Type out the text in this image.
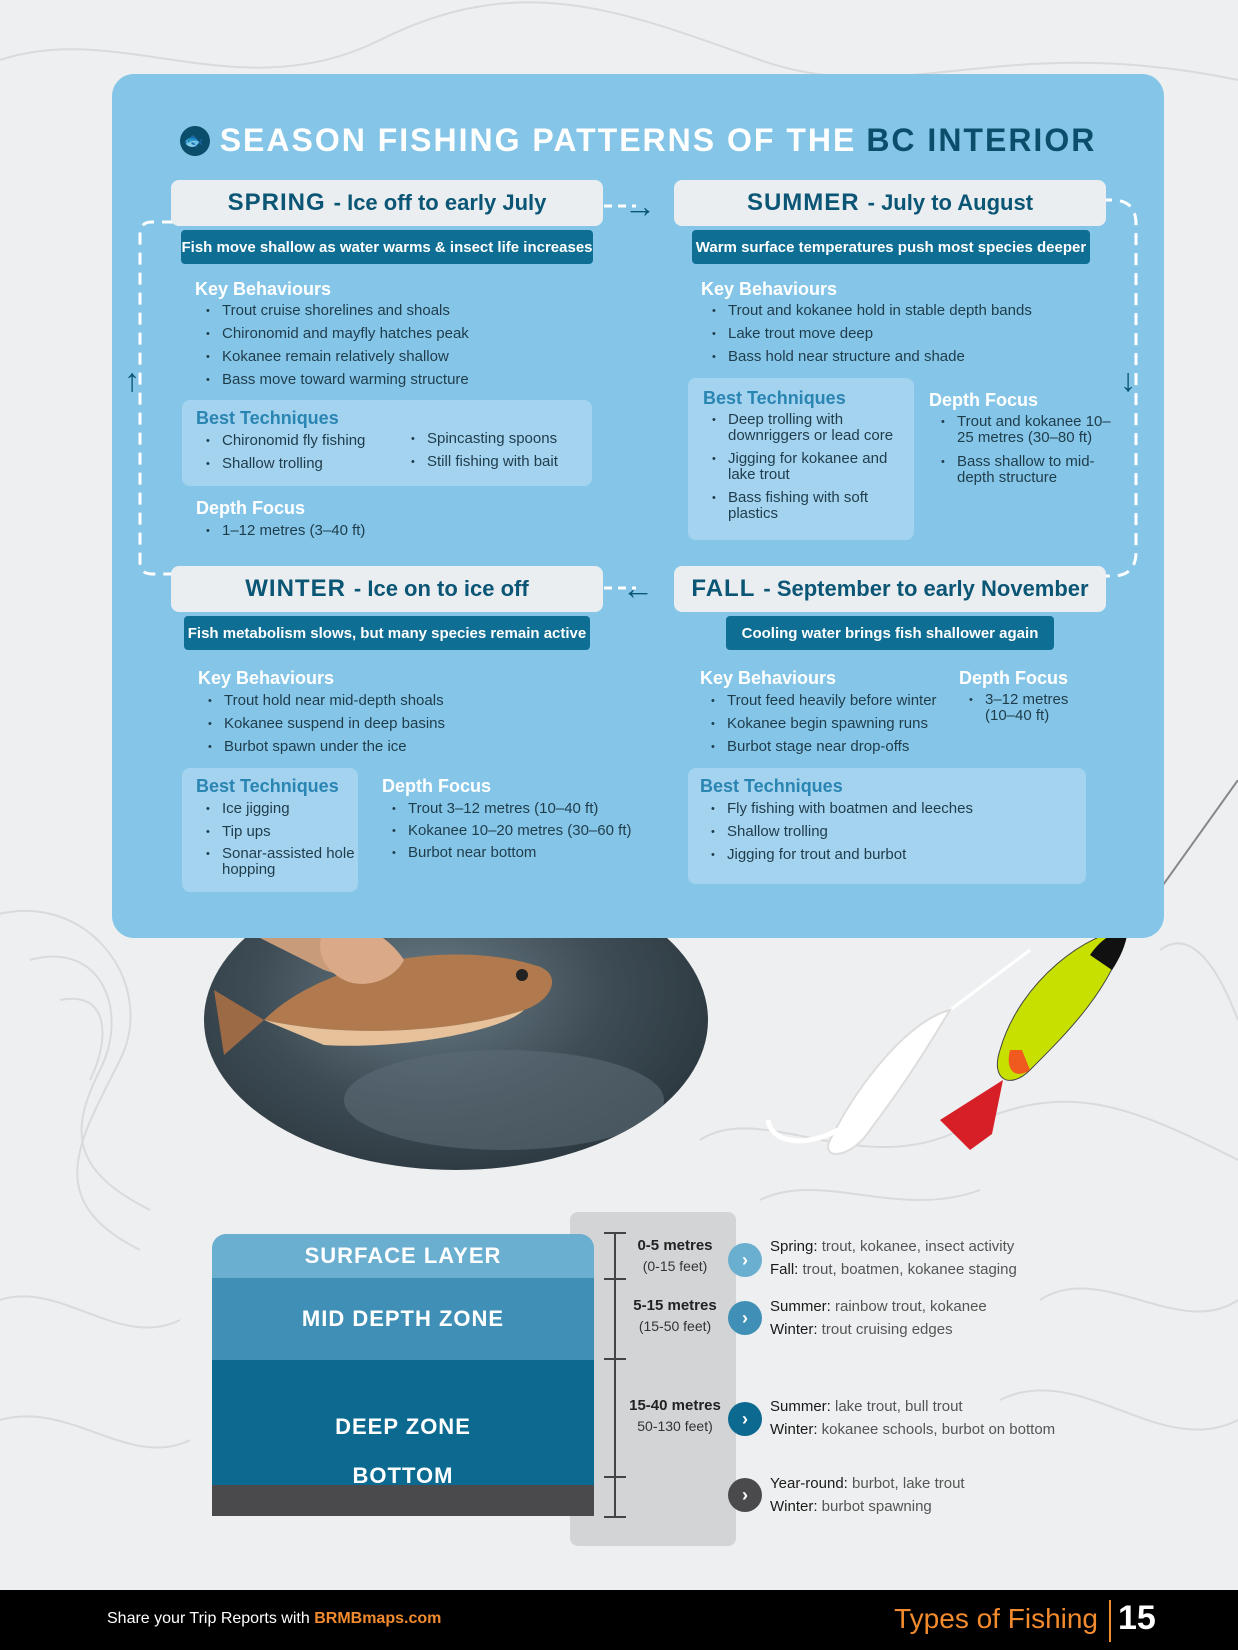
🐟 SEASON FISHING PATTERNS OF THE BC INTERIOR
→
↓
←
↑
SPRING - Ice off to early July
Fish move shallow as water warms & insect life increases
Key Behaviours
• Trout cruise shorelines and shoals
• Chironomid and mayfly hatches peak
• Kokanee remain relatively shallow
• Bass move toward warming structure
Best Techniques
• Chironomid fly fishing
• Shallow trolling
• Spincasting spoons
• Still fishing with bait
Depth Focus
• 1–12 metres (3–40 ft)
SUMMER - July to August
Warm surface temperatures push most species deeper
Key Behaviours
• Trout and kokanee hold in stable depth bands
• Lake trout move deep
• Bass hold near structure and shade
Best Techniques
• Deep trolling with downriggers or lead core
• Jigging for kokanee and lake trout
• Bass fishing with soft plastics
Depth Focus
• Trout and kokanee 10–25 metres (30–80 ft)
• Bass shallow to mid-depth structure
WINTER - Ice on to ice off
Fish metabolism slows, but many species remain active
Key Behaviours
• Trout hold near mid-depth shoals
• Kokanee suspend in deep basins
• Burbot spawn under the ice
Best Techniques
• Ice jigging
• Tip ups
• Sonar-assisted hole hopping
Depth Focus
• Trout 3–12 metres (10–40 ft)
• Kokanee 10–20 metres (30–60 ft)
• Burbot near bottom
FALL - September to early November
Cooling water brings fish shallower again
Key Behaviours
• Trout feed heavily before winter
• Kokanee begin spawning runs
• Burbot stage near drop-offs
Depth Focus
• 3–12 metres (10–40 ft)
Best Techniques
• Fly fishing with boatmen and leeches
• Shallow trolling
• Jigging for trout and burbot
SURFACE LAYER
MID DEPTH ZONE
DEEP ZONE
BOTTOM
0-5 metres
(0-15 feet)
5-15 metres
(15-50 feet)
15-40 metres
50-130 feet)
›
›
›
›
Spring: trout, kokanee, insect activity
Fall: trout, boatmen, kokanee staging
Summer: rainbow trout, kokanee
Winter: trout cruising edges
Summer: lake trout, bull trout
Winter: kokanee schools, burbot on bottom
Year-round: burbot, lake trout
Winter: burbot spawning
Share your Trip Reports with BRMBmaps.com	Types of Fishing 15
